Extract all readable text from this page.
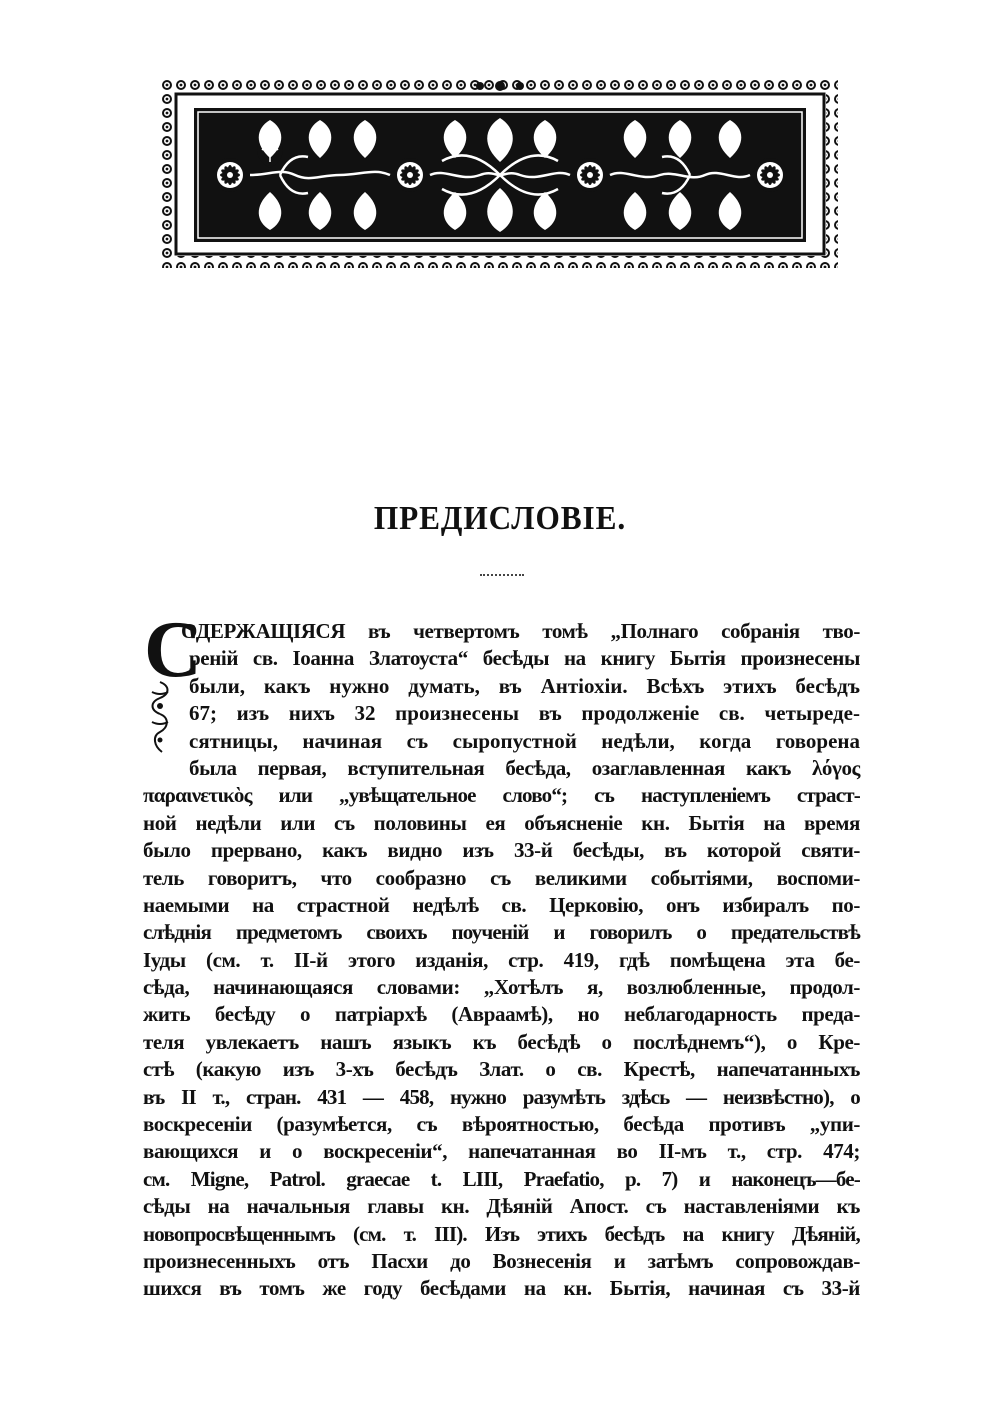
ПРЕДИСЛОВІЕ.
С
ОДЕРЖАЩІЯСЯ въ четвертомъ томѣ „Полнаго собранія тво-
реній св. Іоанна Златоуста“ бесѣды на книгу Бытія произнесены
были, какъ нужно думать, въ Антіохіи. Всѣхъ этихъ бесѣдъ
67; изъ нихъ 32 произнесены въ продолженіе св. четыреде-
сятницы, начиная съ сыропустной недѣли, когда говорена
была первая, вступительная бесѣда, озаглавленная какъ λόγος
παραινετικὸς или „увѣщательное слово“; съ наступленіемъ страст-
ной недѣли или съ половины ея объясненіе кн. Бытія на время
было прервано, какъ видно изъ 33-й бесѣды, въ которой святи-
тель говоритъ, что сообразно съ великими событіями, воспоми-
наемыми на страстной недѣлѣ св. Церковію, онъ избиралъ по-
слѣднія предметомъ своихъ поученій и говорилъ о предательствѣ
Іуды (см. т. II-й этого изданія, стр. 419, гдѣ помѣщена эта бе-
сѣда, начинающаяся словами: „Хотѣлъ я, возлюбленные, продол-
жить бесѣду о патріархѣ (Авраамѣ), но неблагодарность преда-
теля увлекаетъ нашъ языкъ къ бесѣдѣ о послѣднемъ“), о Кре-
стѣ (какую изъ 3-хъ бесѣдъ Злат. о св. Крестѣ, напечатанныхъ
въ II т., стран. 431 — 458, нужно разумѣть здѣсь — неизвѣстно), о
воскресеніи (разумѣется, съ вѣроятностью, бесѣда противъ „упи-
вающихся и о воскресеніи“, напечатанная во II-мъ т., стр. 474;
см. Migne, Patrol. graecae t. LIII, Praefatio, p. 7) и наконецъ—бе-
сѣды на начальныя главы кн. Дѣяній Апост. съ наставленіями къ
новопросвѣщеннымъ (см. т. III). Изъ этихъ бесѣдъ на книгу Дѣяній,
произнесенныхъ отъ Пасхи до Вознесенія и затѣмъ сопровождав-
шихся въ томъ же году бесѣдами на кн. Бытія, начиная съ 33-й
